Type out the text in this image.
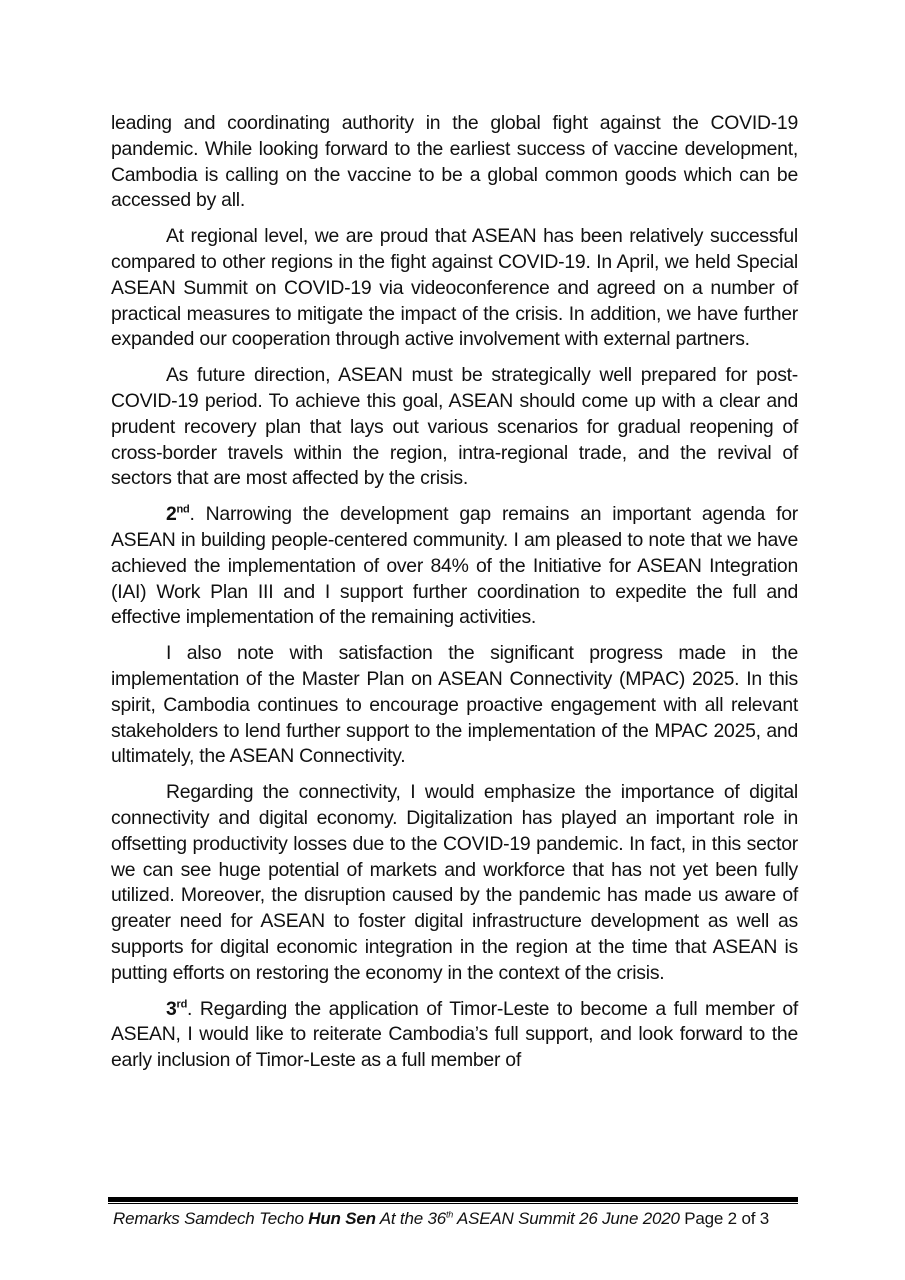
leading and coordinating authority in the global fight against the COVID-19 pandemic. While looking forward to the earliest success of vaccine development, Cambodia is calling on the vaccine to be a global common goods which can be accessed by all.

At regional level, we are proud that ASEAN has been relatively successful compared to other regions in the fight against COVID-19. In April, we held Special ASEAN Summit on COVID-19 via videoconference and agreed on a number of practical measures to mitigate the impact of the crisis. In addition, we have further expanded our cooperation through active involvement with external partners.

As future direction, ASEAN must be strategically well prepared for post-COVID-19 period. To achieve this goal, ASEAN should come up with a clear and prudent recovery plan that lays out various scenarios for gradual reopening of cross-border travels within the region, intra-regional trade, and the revival of sectors that are most affected by the crisis.

2nd. Narrowing the development gap remains an important agenda for ASEAN in building people-centered community. I am pleased to note that we have achieved the implementation of over 84% of the Initiative for ASEAN Integration (IAI) Work Plan III and I support further coordination to expedite the full and effective implementation of the remaining activities.

I also note with satisfaction the significant progress made in the implementation of the Master Plan on ASEAN Connectivity (MPAC) 2025. In this spirit, Cambodia continues to encourage proactive engagement with all relevant stakeholders to lend further support to the implementation of the MPAC 2025, and ultimately, the ASEAN Connectivity.

Regarding the connectivity, I would emphasize the importance of digital connectivity and digital economy. Digitalization has played an important role in offsetting productivity losses due to the COVID-19 pandemic. In fact, in this sector we can see huge potential of markets and workforce that has not yet been fully utilized. Moreover, the disruption caused by the pandemic has made us aware of greater need for ASEAN to foster digital infrastructure development as well as supports for digital economic integration in the region at the time that ASEAN is putting efforts on restoring the economy in the context of the crisis.

3rd. Regarding the application of Timor-Leste to become a full member of ASEAN, I would like to reiterate Cambodia’s full support, and look forward to the early inclusion of Timor-Leste as a full member of

Remarks Samdech Techo Hun Sen At the 36th ASEAN Summit 26 June 2020 Page 2 of 3
